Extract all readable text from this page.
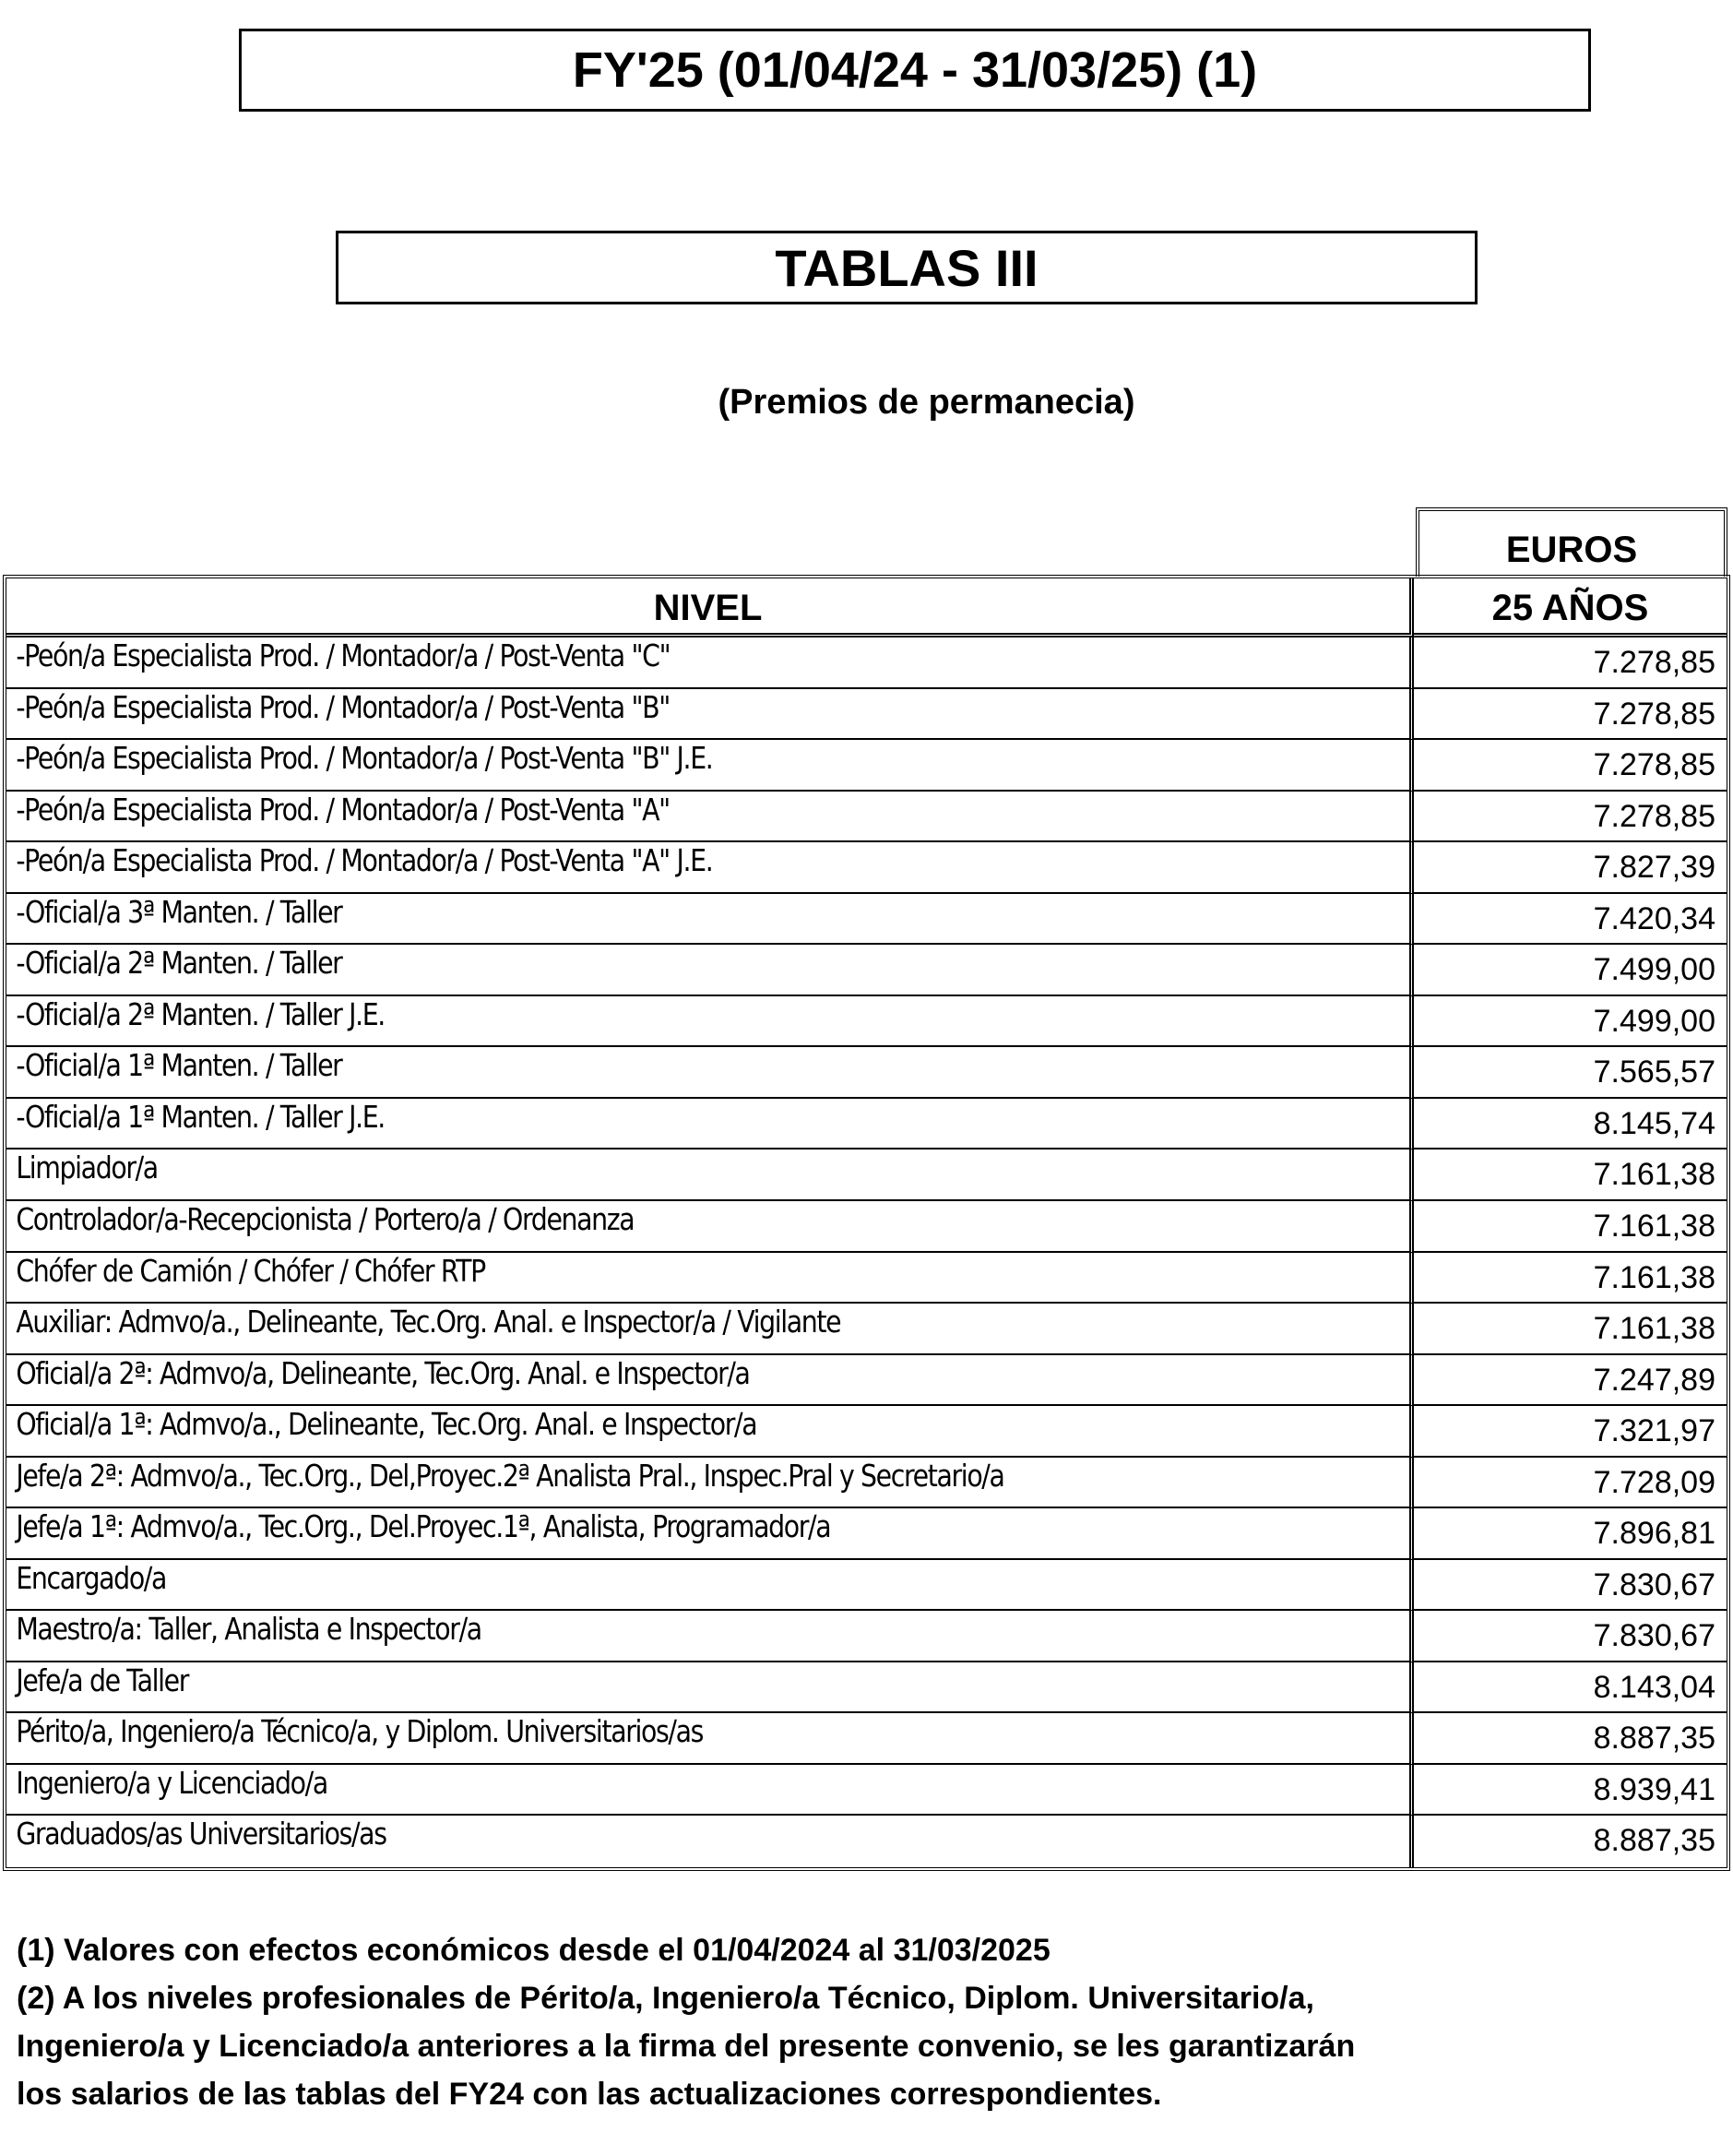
FY'25 (01/04/24 - 31/03/25) (1)
TABLAS III
(Premios de permanecia)
EUROS
NIVEL	25 AÑOS
-Peón/a Especialista Prod. / Montador/a / Post-Venta "C"	7.278,85
-Peón/a Especialista Prod. / Montador/a / Post-Venta "B"	7.278,85
-Peón/a Especialista Prod. / Montador/a / Post-Venta "B" J.E.	7.278,85
-Peón/a Especialista Prod. / Montador/a / Post-Venta "A"	7.278,85
-Peón/a Especialista Prod. / Montador/a / Post-Venta "A" J.E.	7.827,39
-Oficial/a 3ª Manten. / Taller	7.420,34
-Oficial/a 2ª Manten. / Taller	7.499,00
-Oficial/a 2ª Manten. / Taller J.E.	7.499,00
-Oficial/a 1ª Manten. / Taller	7.565,57
-Oficial/a 1ª Manten. / Taller J.E.	8.145,74
Limpiador/a	7.161,38
Controlador/a-Recepcionista / Portero/a / Ordenanza	7.161,38
Chófer de Camión / Chófer / Chófer RTP	7.161,38
Auxiliar: Admvo/a., Delineante, Tec.Org. Anal. e Inspector/a / Vigilante	7.161,38
Oficial/a 2ª: Admvo/a, Delineante, Tec.Org. Anal. e Inspector/a	7.247,89
Oficial/a 1ª: Admvo/a., Delineante, Tec.Org. Anal. e Inspector/a	7.321,97
Jefe/a 2ª: Admvo/a., Tec.Org., Del,Proyec.2ª Analista Pral., Inspec.Pral y Secretario/a	7.728,09
Jefe/a 1ª: Admvo/a., Tec.Org., Del.Proyec.1ª, Analista, Programador/a	7.896,81
Encargado/a	7.830,67
Maestro/a: Taller, Analista e Inspector/a	7.830,67
Jefe/a de Taller	8.143,04
Périto/a, Ingeniero/a Técnico/a, y Diplom. Universitarios/as	8.887,35
Ingeniero/a y Licenciado/a	8.939,41
Graduados/as Universitarios/as	8.887,35
(1) Valores con efectos económicos desde el 01/04/2024 al 31/03/2025
(2) A los niveles profesionales de Périto/a, Ingeniero/a Técnico, Diplom. Universitario/a,
Ingeniero/a y Licenciado/a anteriores a la firma del presente convenio, se les garantizarán
los salarios de las tablas del FY24 con las actualizaciones correspondientes.
